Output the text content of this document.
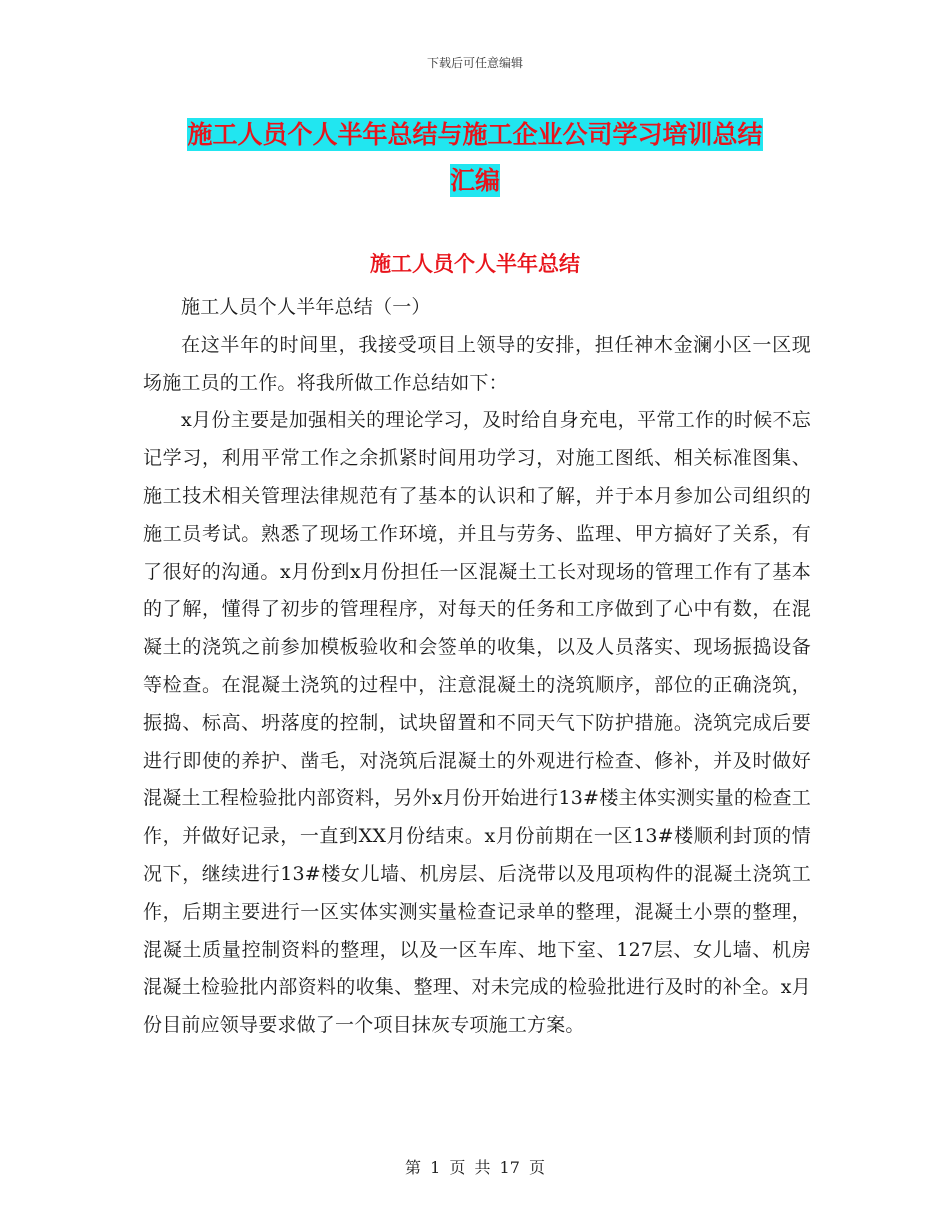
下载后可任意编辑
施工人员个人半年总结与施工企业公司学习培训总结
汇编
施工人员个人半年总结

施工人员个人半年总结（一）

在这半年的时间里，我接受项目上领导的安排，担任神木金澜小区一区现场施工员的工作。将我所做工作总结如下：

x月份主要是加强相关的理论学习，及时给自身充电，平常工作的时候不忘记学习，利用平常工作之余抓紧时间用功学习，对施工图纸、相关标准图集、施工技术相关管理法律规范有了基本的认识和了解，并于本月参加公司组织的施工员考试。熟悉了现场工作环境，并且与劳务、监理、甲方搞好了关系，有了很好的沟通。x月份到x月份担任一区混凝土工长对现场的管理工作有了基本的了解，懂得了初步的管理程序，对每天的任务和工序做到了心中有数，在混凝土的浇筑之前参加模板验收和会签单的收集，以及人员落实、现场振捣设备等检查。在混凝土浇筑的过程中，注意混凝土的浇筑顺序，部位的正确浇筑，振捣、标高、坍落度的控制，试块留置和不同天气下防护措施。浇筑完成后要进行即使的养护、凿毛，对浇筑后混凝土的外观进行检查、修补，并及时做好混凝土工程检验批内部资料，另外x月份开始进行13#楼主体实测实量的检查工作，并做好记录，一直到XX月份结束。x月份前期在一区13#楼顺利封顶的情况下，继续进行13#楼女儿墙、机房层、后浇带以及甩项构件的混凝土浇筑工作，后期主要进行一区实体实测实量检查记录单的整理，混凝土小票的整理，混凝土质量控制资料的整理，以及一区车库、地下室、127层、女儿墙、机房混凝土检验批内部资料的收集、整理、对未完成的检验批进行及时的补全。x月份目前应领导要求做了一个项目抹灰专项施工方案。

第 1 页 共 17 页
